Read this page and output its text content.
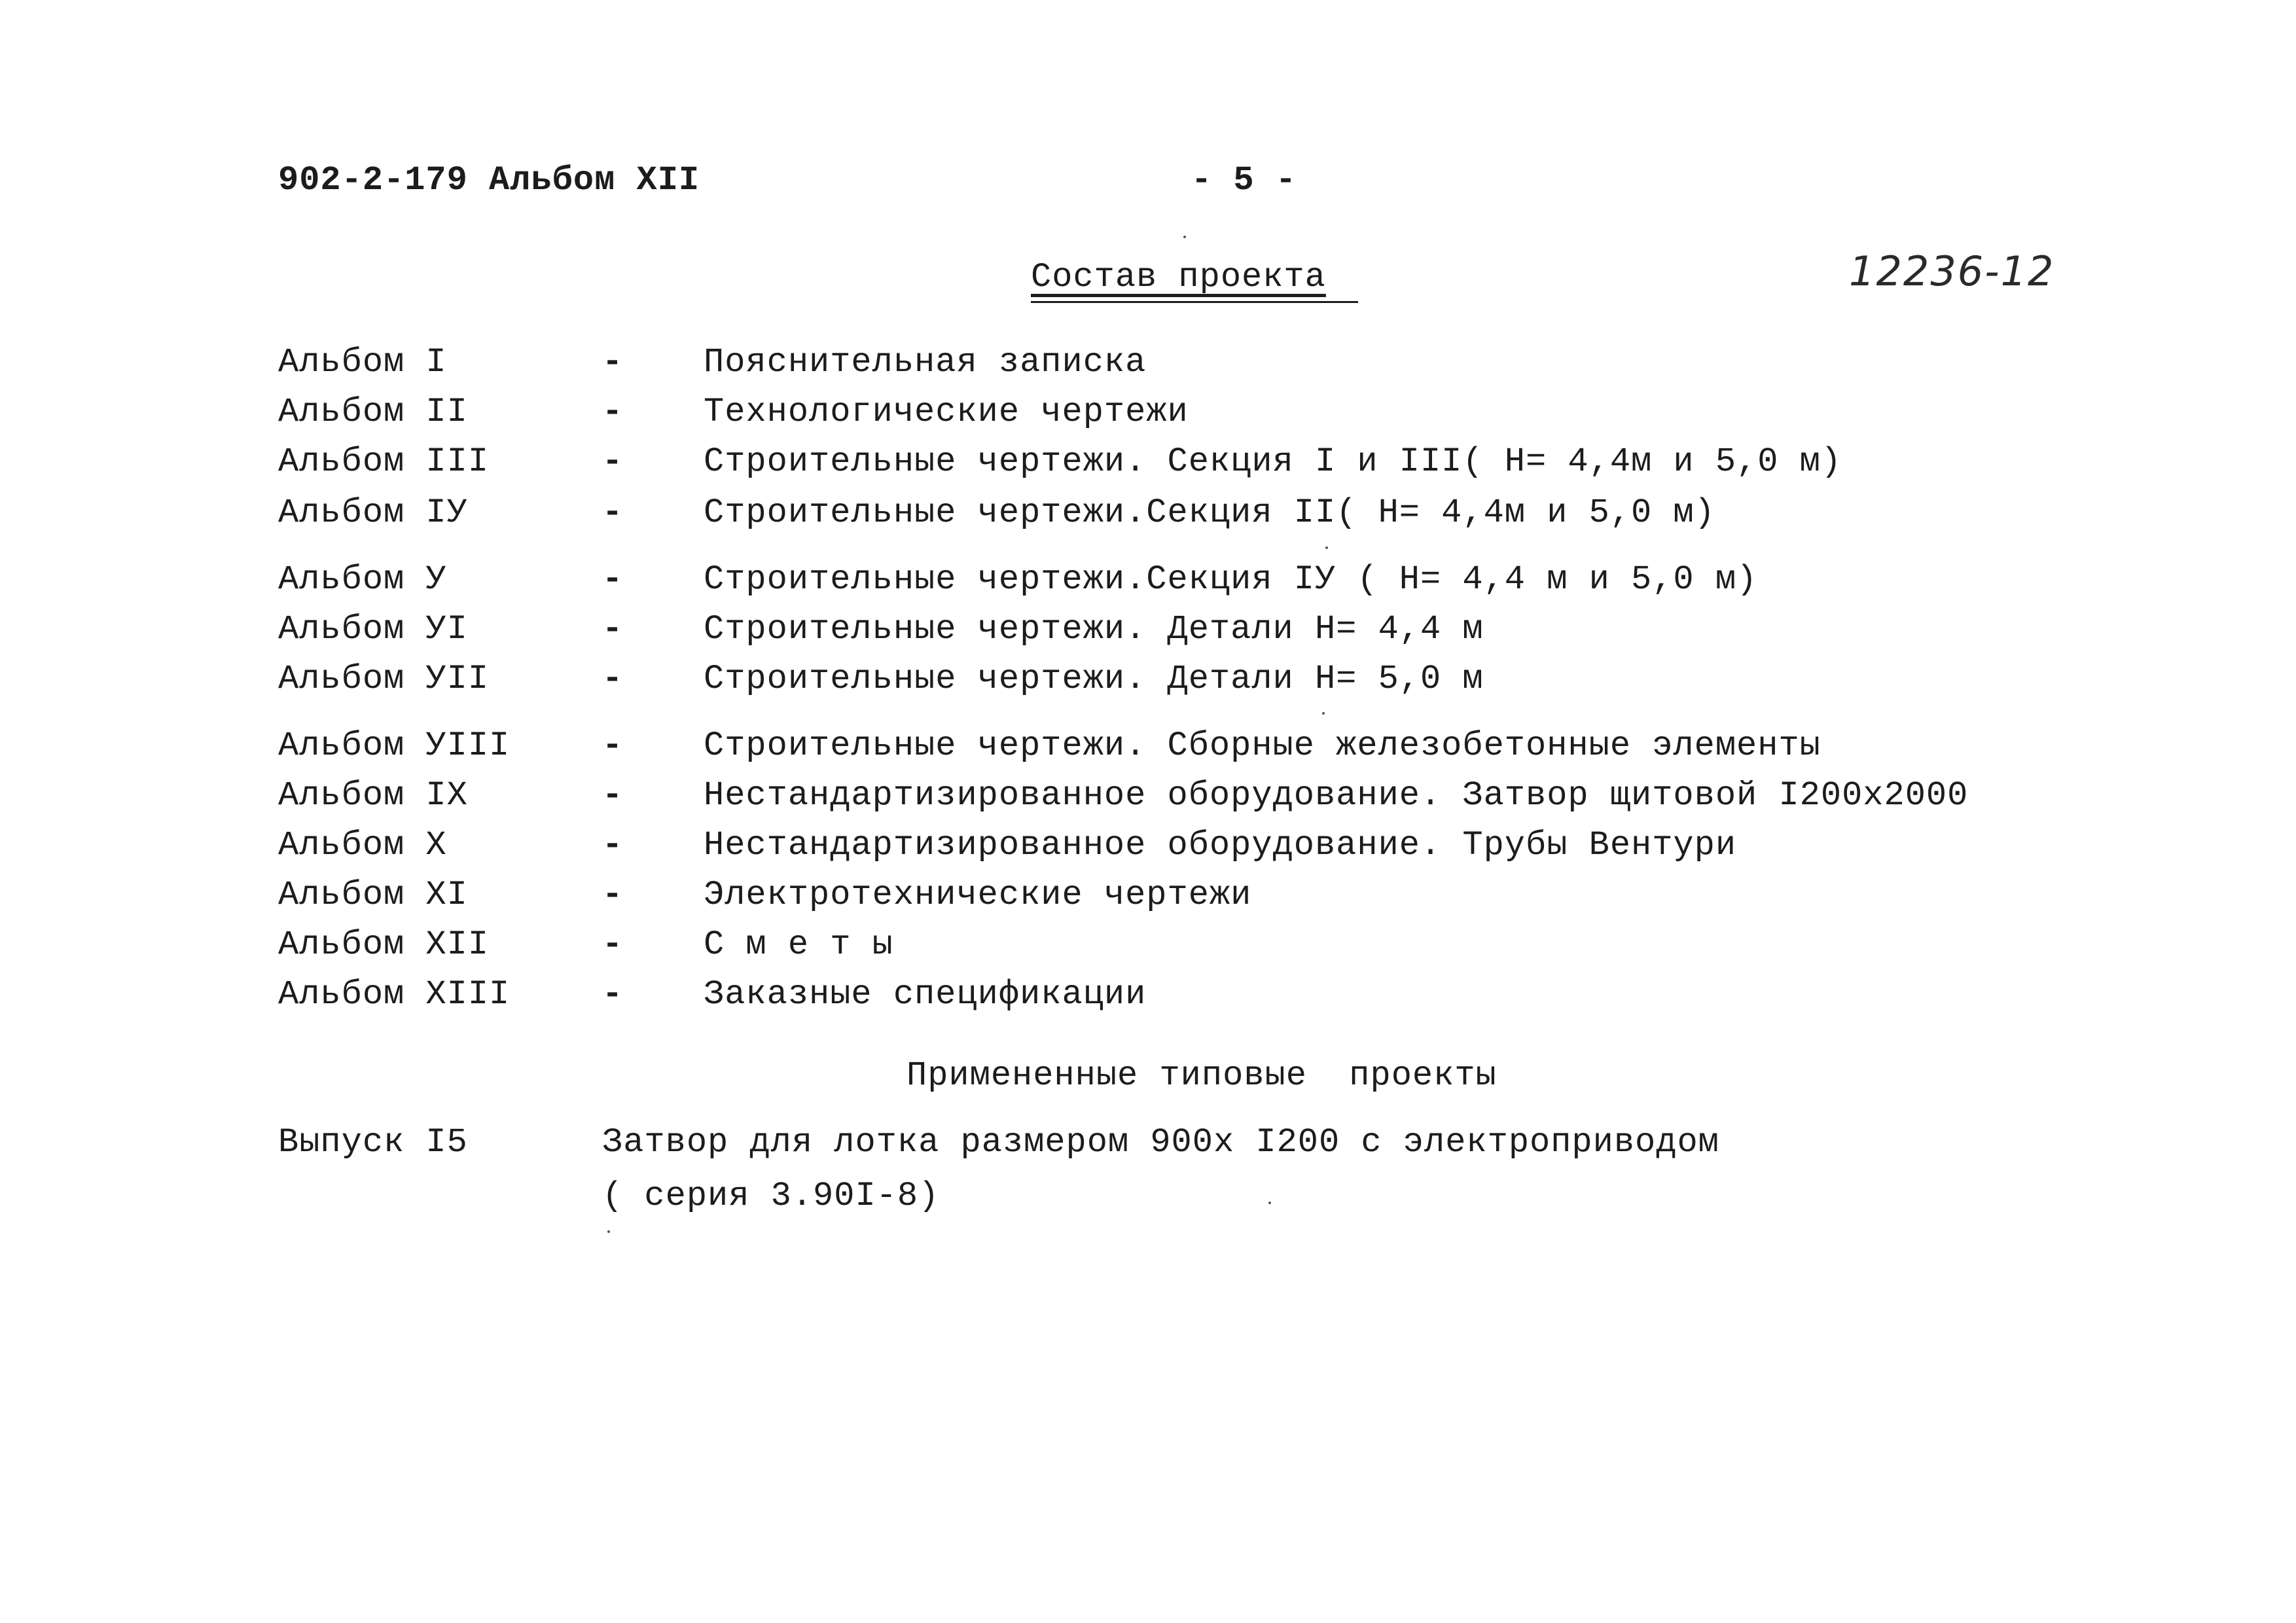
902-2-179 Альбом XII	- 5 -
12236-12
Состав проекта
Альбом I	- Пояснительная записка
Альбом II	- Технологические чертежи
Альбом III	- Строительные чертежи. Секция I и III( H= 4,4м и 5,0 м)
Альбом IУ	- Строительные чертежи.Секция II( H= 4,4м и 5,0 м)
Альбом У	- Строительные чертежи.Секция IУ ( H= 4,4 м и 5,0 м)
Альбом УI	- Строительные чертежи. Детали H= 4,4 м
Альбом УII	- Строительные чертежи. Детали H= 5,0 м
Альбом УIII	- Строительные чертежи. Сборные железобетонные элементы
Альбом IX	- Нестандартизированное оборудование. Затвор щитовой I200x2000
Альбом X	- Нестандартизированное оборудование. Трубы Вентури
Альбом XI	- Электротехнические чертежи
Альбом XII	- С м е т ы
Альбом XIII	- Заказные спецификации
Примененные типовые  проекты
Выпуск I5	Затвор для лотка размером 900x I200 с электроприводом
( серия 3.90I-8)
